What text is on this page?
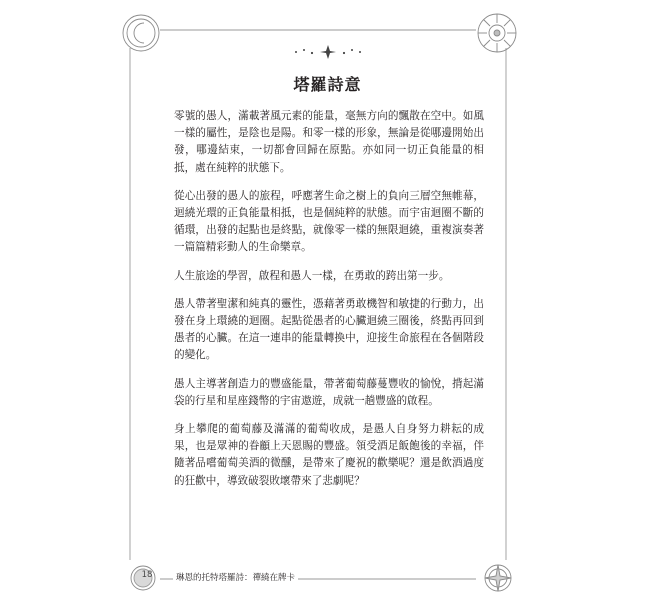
塔羅詩意

零號的愚人，滿載著風元素的能量，毫無方向的飄散在空中。如風一樣的屬性，是陰也是陽。和零一樣的形象，無論是從哪邊開始出發，哪邊結束，一切都會回歸在原點。亦如同一切正負能量的相抵，處在純粹的狀態下。

從心出發的愚人的旅程，呼應著生命之樹上的負向三層空無帷幕，迴繞光環的正負能量相抵，也是個純粹的狀態。而宇宙迴圈不斷的循環，出發的起點也是終點，就像零一樣的無限迴繞，重複演奏著一篇篇精彩動人的生命樂章。

人生旅途的學習，啟程和愚人一樣，在勇敢的跨出第一步。

愚人帶著聖潔和純真的靈性，憑藉著勇敢機智和敏捷的行動力，出發在身上環繞的迴圈。起點從愚者的心臟迴繞三圈後，終點再回到愚者的心臟。在這一連串的能量轉換中，迎接生命旅程在各個階段的變化。

愚人主導著創造力的豐盛能量，帶著葡萄藤蔓豐收的愉悅，揹起滿袋的行星和星座錢幣的宇宙遨遊，成就一趟豐盛的啟程。

身上攀爬的葡萄藤及滿滿的葡萄收成，是愚人自身努力耕耘的成果，也是眾神的眷顧上天恩賜的豐盛。領受酒足飯飽後的幸福，伴隨著品嚐葡萄美酒的微醺，是帶來了慶祝的歡樂呢？還是飲酒過度的狂歡中，導致破裂敗壞帶來了悲劇呢？

18	琳恩的托特塔羅詩：禪繞在牌卡
